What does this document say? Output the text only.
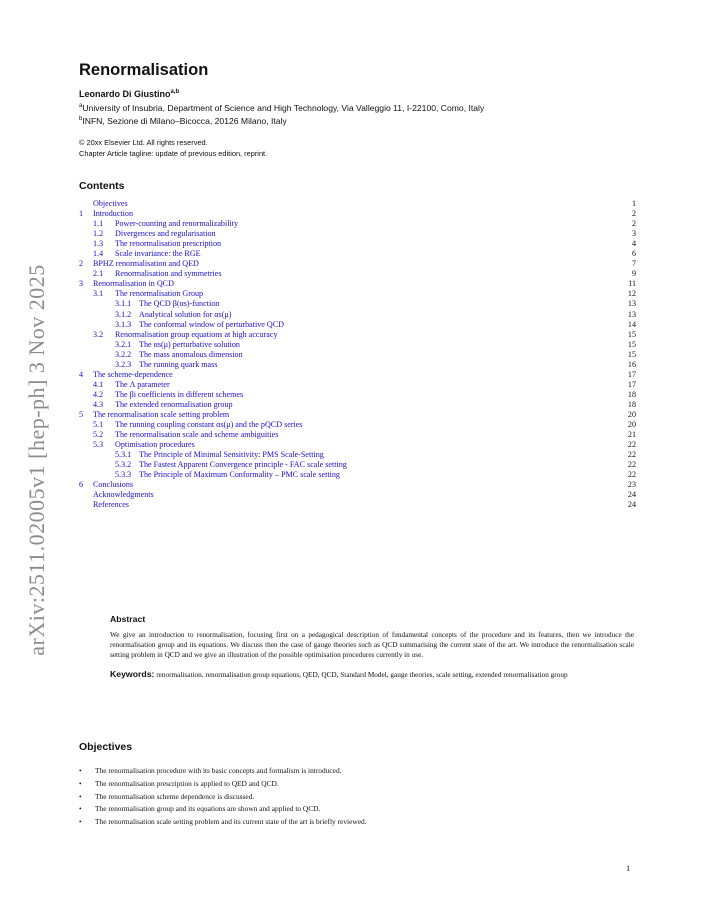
arXiv:2511.02005v1 [hep-ph] 3 Nov 2025
Renormalisation
Leonardo Di Giustino$^{a,b}$
$^a$University of Insubria, Department of Science and High Technology, Via Valleggio 11, I-22100, Como, Italy
$^b$INFN, Sezione di Milano–Bicocca, 20126 Milano, Italy
© 20xx Elsevier Ltd. All rights reserved.
Chapter Article tagline: update of previous edition, reprint.
Contents
Objectives	1
1 Introduction	2
1.1 Power-counting and renormalizability	2
1.2 Divergences and regularisation	3
1.3 The renormalisation prescription	4
1.4 Scale invariance: the RGE	6
2 BPHZ renormalisation and QED	7
2.1 Renormalisation and symmetries	9
3 Renormalisation in QCD	11
3.1 The renormalisation Group	12
3.1.1 The QCD β(αs)-function	13
3.1.2 Analytical solution for αs(μ)	13
3.1.3 The conformal window of perturbative QCD	14
3.2 Renormalisation group equations at high accuracy	15
3.2.1 The αs(μ) perturbative solution	15
3.2.2 The mass anomalous dimension	15
3.2.3 The running quark mass	16
4 The scheme-dependence	17
4.1 The Λ parameter	17
4.2 The βi coefficients in different schemes	18
4.3 The extended renormalisation group	18
5 The renormalisation scale setting problem	20
5.1 The running coupling constant αs(μ) and the pQCD series	20
5.2 The renormalisation scale and scheme ambiguities	21
5.3 Optimisation procedures	22
5.3.1 The Principle of Minimal Sensitivity: PMS Scale-Setting	22
5.3.2 The Fastest Apparent Convergence principle - FAC scale setting	22
5.3.3 The Principle of Maximum Conformality – PMC scale setting	22
6 Conclusions	23
Acknowledgments	24
References	24
Abstract

We give an introduction to renormalisation, focusing first on a pedagogical description of fundamental concepts of the procedure and its features, then we introduce the renormalisation group and its equations. We discuss then the case of gauge theories such as QCD summarising the current state of the art. We introduce the renormalisation scale setting problem in QCD and we give an illustration of the possible optimisation procedures currently in use.

Keywords: renormalisation, renormalisation group equations, QED, QCD, Standard Model, gauge theories, scale setting, extended renormalisation group
Objectives
• The renormalisation procedure with its basic concepts and formalism is introduced.
• The renormalisation prescription is applied to QED and QCD.
• The renormalisation scheme dependence is discussed.
• The renormalisation group and its equations are shown and applied to QCD.
• The renormalisation scale setting problem and its current state of the art is briefly reviewed.
1
